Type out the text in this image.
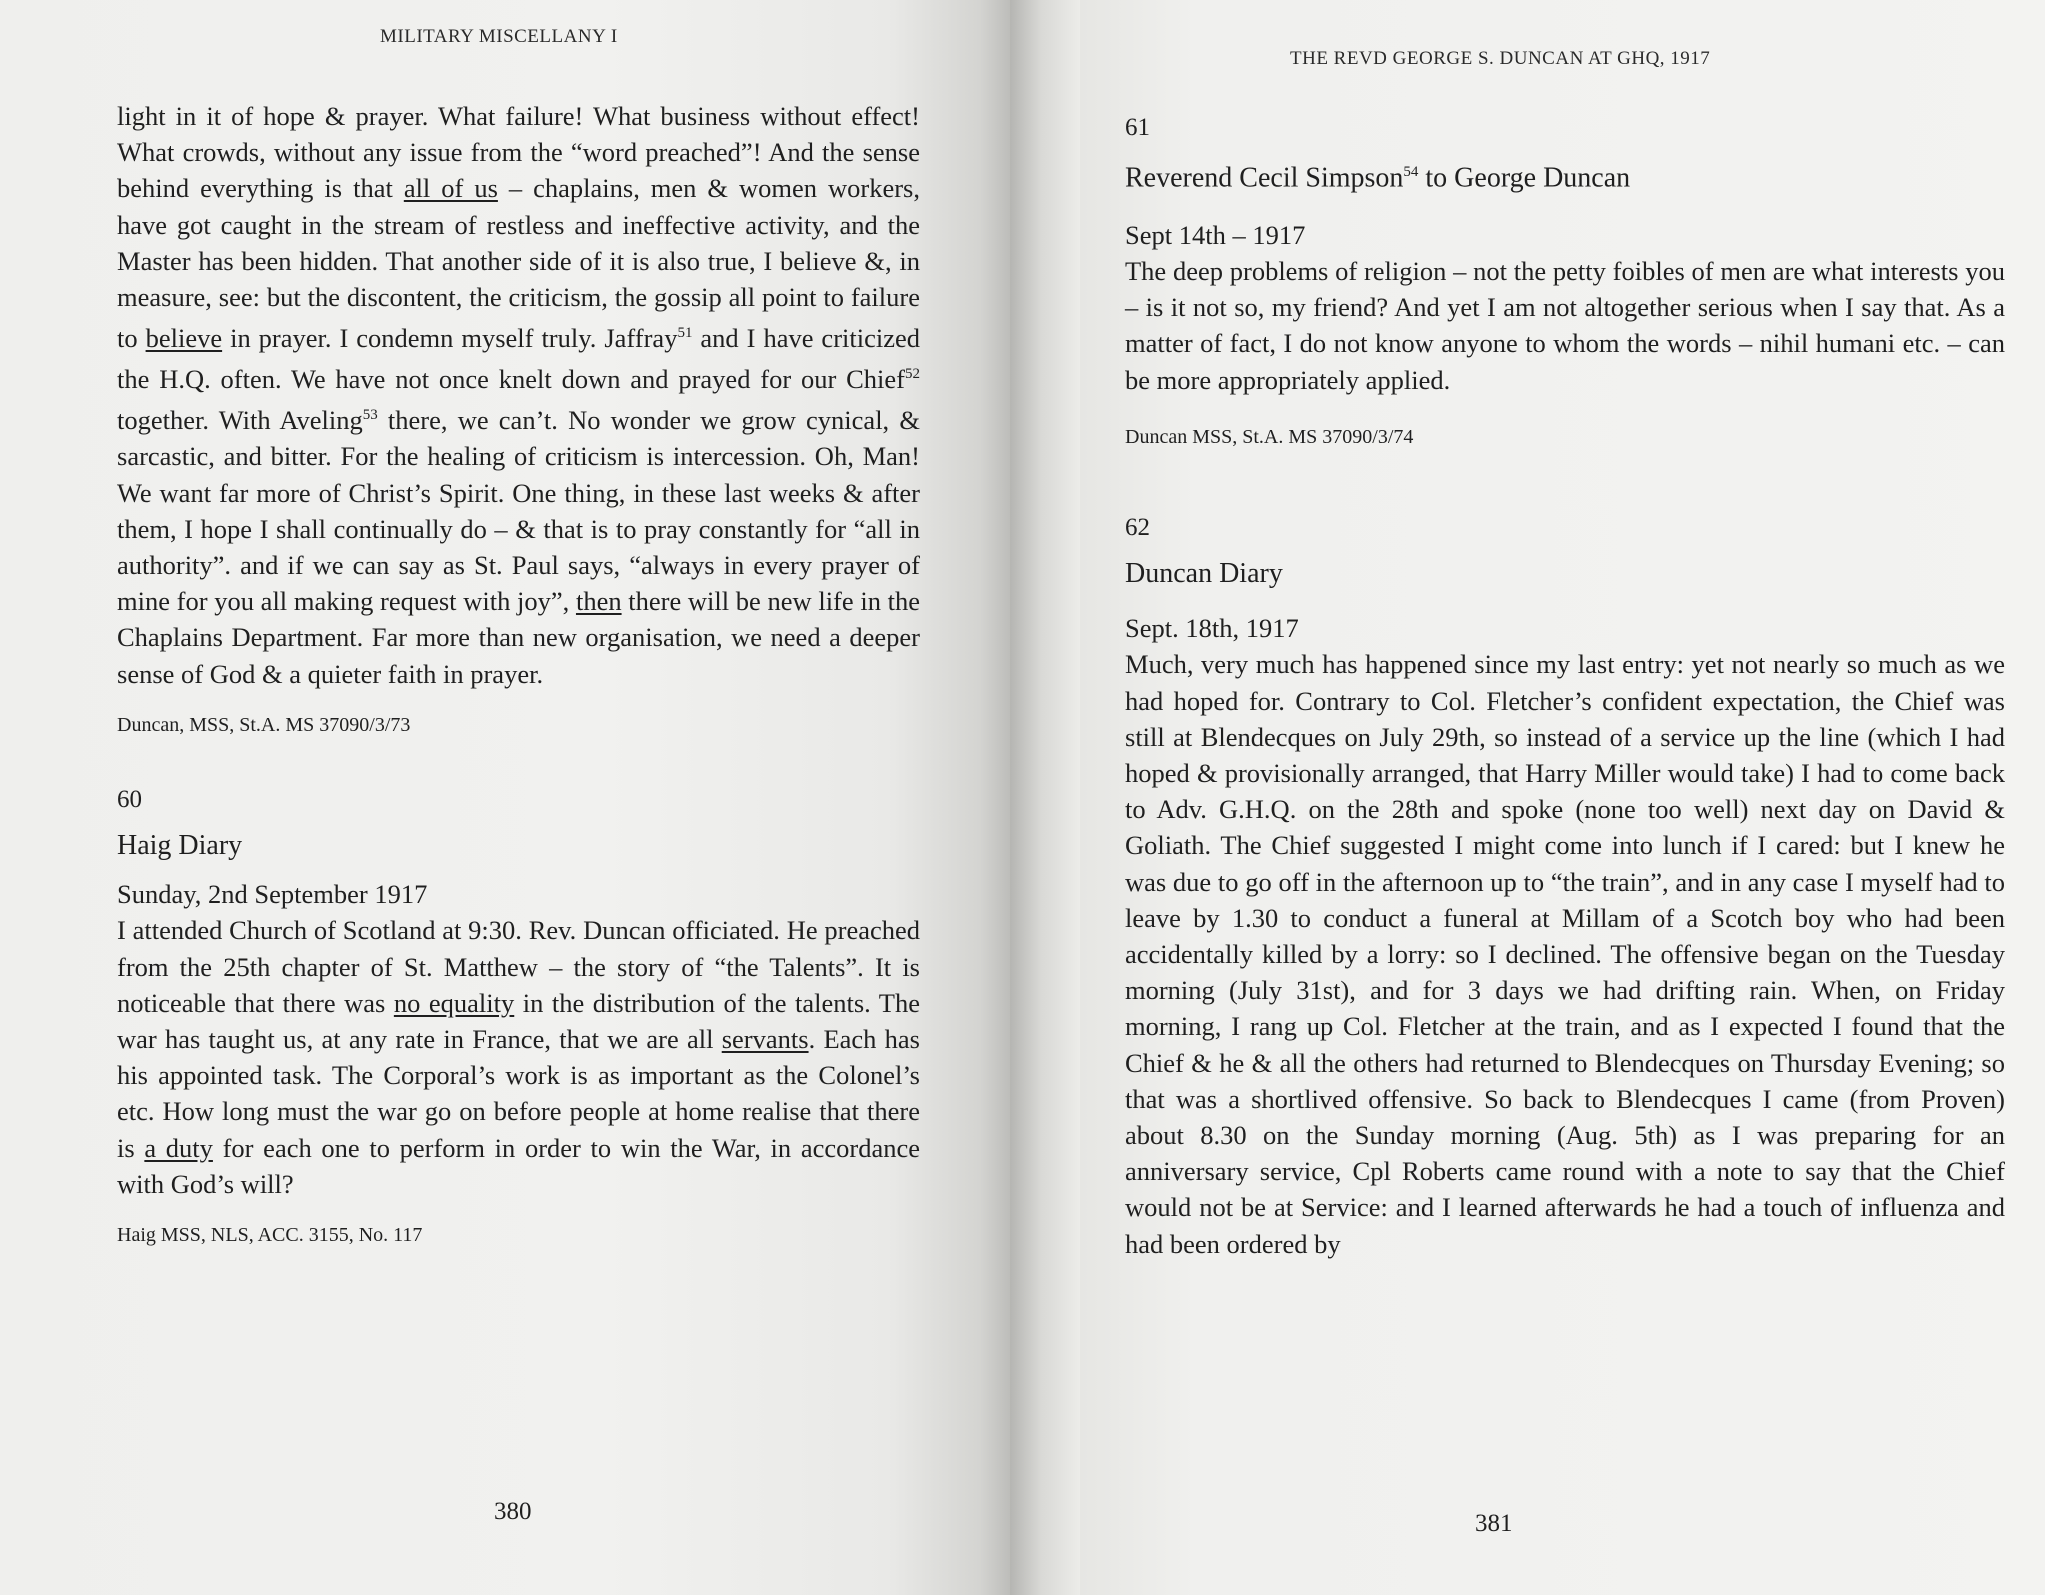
MILITARY MISCELLANY I

light in it of hope & prayer. What failure! What business without effect! What crowds, without any issue from the “word preached”! And the sense behind everything is that all of us – chaplains, men & women workers, have got caught in the stream of restless and ineffective activity, and the Master has been hidden. That another side of it is also true, I believe &, in measure, see: but the discontent, the criticism, the gossip all point to failure to believe in prayer. I condemn myself truly. Jaffray$^{51}$ and I have criticized the H.Q. often. We have not once knelt down and prayed for our Chief$^{52}$ together. With Aveling$^{53}$ there, we can’t. No wonder we grow cynical, & sarcastic, and bitter. For the healing of criticism is intercession. Oh, Man! We want far more of Christ’s Spirit. One thing, in these last weeks & after them, I hope I shall continually do – & that is to pray constantly for “all in authority”. and if we can say as St. Paul says, “always in every prayer of mine for you all making request with joy”, then there will be new life in the Chaplains Department. Far more than new organisation, we need a deeper sense of God & a quieter faith in prayer.

Duncan, MSS, St.A. MS 37090/3/73

60

Haig Diary

Sunday, 2nd September 1917

I attended Church of Scotland at 9:30. Rev. Duncan officiated. He preached from the 25th chapter of St. Matthew – the story of “the Talents”. It is noticeable that there was no equality in the distribution of the talents. The war has taught us, at any rate in France, that we are all servants. Each has his appointed task. The Corporal’s work is as important as the Colonel’s etc. How long must the war go on before people at home realise that there is a duty for each one to perform in order to win the War, in accordance with God’s will?

Haig MSS, NLS, ACC. 3155, No. 117

380
THE REVD GEORGE S. DUNCAN AT GHQ, 1917

61

Reverend Cecil Simpson$^{54}$ to George Duncan

Sept 14th – 1917

The deep problems of religion – not the petty foibles of men are what interests you – is it not so, my friend? And yet I am not altogether serious when I say that. As a matter of fact, I do not know anyone to whom the words – nihil humani etc. – can be more appropriately applied.

Duncan MSS, St.A. MS 37090/3/74

62

Duncan Diary

Sept. 18th, 1917

Much, very much has happened since my last entry: yet not nearly so much as we had hoped for. Contrary to Col. Fletcher’s confident expectation, the Chief was still at Blendecques on July 29th, so instead of a service up the line (which I had hoped & provisionally arranged, that Harry Miller would take) I had to come back to Adv. G.H.Q. on the 28th and spoke (none too well) next day on David & Goliath. The Chief suggested I might come into lunch if I cared: but I knew he was due to go off in the afternoon up to “the train”, and in any case I myself had to leave by 1.30 to conduct a funeral at Millam of a Scotch boy who had been accidentally killed by a lorry: so I declined. The offensive began on the Tuesday morning (July 31st), and for 3 days we had drifting rain. When, on Friday morning, I rang up Col. Fletcher at the train, and as I expected I found that the Chief & he & all the others had returned to Blendecques on Thursday Evening; so that was a shortlived offensive. So back to Blendecques I came (from Proven) about 8.30 on the Sunday morning (Aug. 5th) as I was preparing for an anniversary service, Cpl Roberts came round with a note to say that the Chief would not be at Service: and I learned afterwards he had a touch of influenza and had been ordered by

381
